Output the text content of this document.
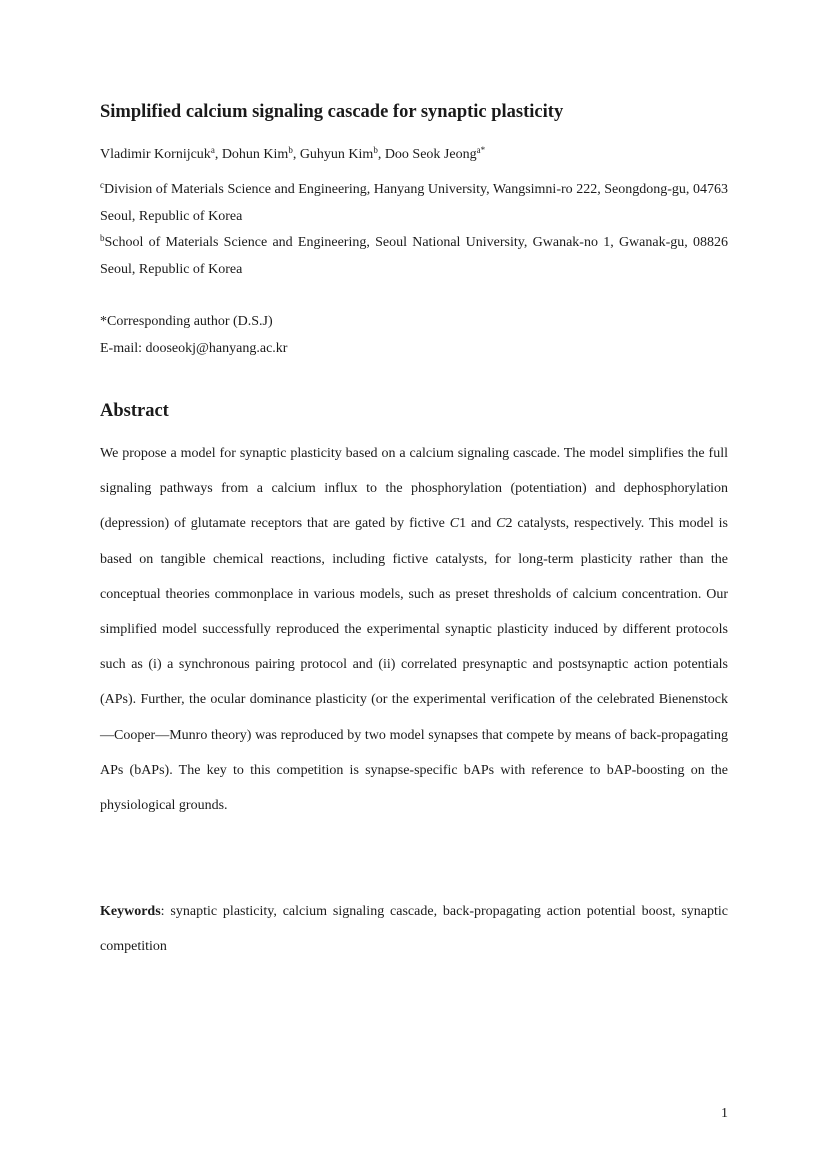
Simplified calcium signaling cascade for synaptic plasticity
Vladimir Kornijcuk$^a$, Dohun Kim$^b$, Guhyun Kim$^b$, Doo Seok Jeong$^{a*}$
$^c$Division of Materials Science and Engineering, Hanyang University, Wangsimni-ro 222, Seongdong-gu, 04763 Seoul, Republic of Korea
$^b$School of Materials Science and Engineering, Seoul National University, Gwanak-no 1, Gwanak-gu, 08826 Seoul, Republic of Korea
*Corresponding author (D.S.J)
E-mail: dooseokj@hanyang.ac.kr
Abstract

We propose a model for synaptic plasticity based on a calcium signaling cascade. The model simplifies the full signaling pathways from a calcium influx to the phosphorylation (potentiation) and dephosphorylation (depression) of glutamate receptors that are gated by fictive C1 and C2 catalysts, respectively. This model is based on tangible chemical reactions, including fictive catalysts, for long-term plasticity rather than the conceptual theories commonplace in various models, such as preset thresholds of calcium concentration. Our simplified model successfully reproduced the experimental synaptic plasticity induced by different protocols such as (i) a synchronous pairing protocol and (ii) correlated presynaptic and postsynaptic action potentials (APs). Further, the ocular dominance plasticity (or the experimental verification of the celebrated Bienenstock—Cooper—Munro theory) was reproduced by two model synapses that compete by means of back-propagating APs (bAPs). The key to this competition is synapse-specific bAPs with reference to bAP-boosting on the physiological grounds.

Keywords: synaptic plasticity, calcium signaling cascade, back-propagating action potential boost, synaptic competition

1
